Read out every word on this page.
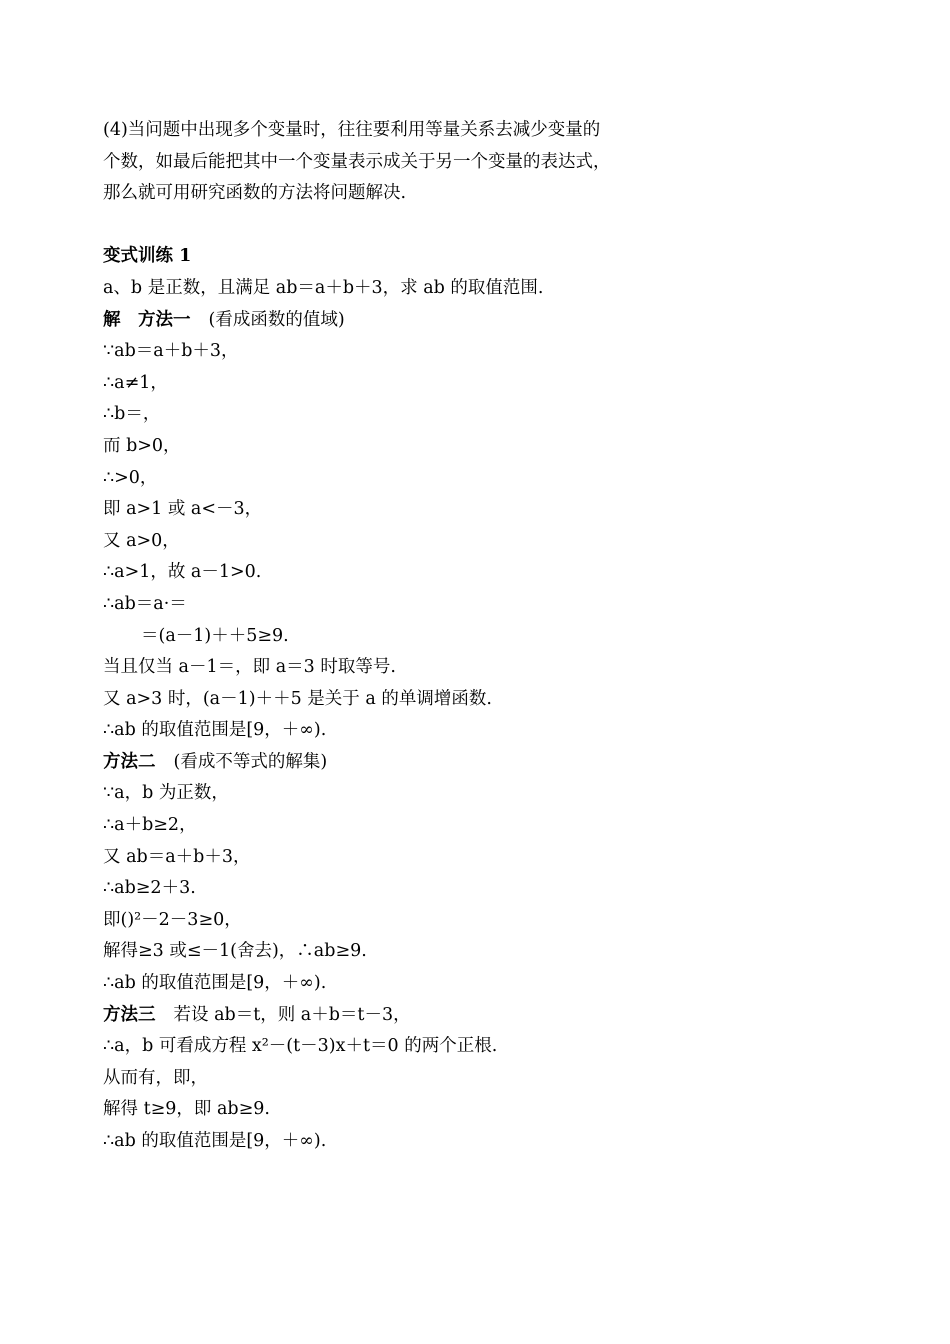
(4)当问题中出现多个变量时，往往要利用等量关系去减少变量的
个数，如最后能把其中一个变量表示成关于另一个变量的表达式，
那么就可用研究函数的方法将问题解决.
变式训练 1
a、b 是正数，且满足 ab＝a＋b＋3，求 ab 的取值范围.
解　方法一 (看成函数的值域)
∵ab＝a＋b＋3，
∴a≠1，
∴b＝，
而 b>0，
∴>0，
即 a>1 或 a<－3，
又 a>0，
∴a>1，故 a－1>0.
∴ab＝a·＝
＝(a－1)＋＋5≥9.
当且仅当 a－1＝，即 a＝3 时取等号.
又 a>3 时，(a－1)＋＋5 是关于 a 的单调增函数.
∴ab 的取值范围是[9，＋∞).
方法二 (看成不等式的解集)
∵a，b 为正数，
∴a＋b≥2，
又 ab＝a＋b＋3，
∴ab≥2＋3.
即()²－2－3≥0，
解得≥3 或≤－1(舍去)，∴ab≥9.
∴ab 的取值范围是[9，＋∞).
方法三 若设 ab＝t，则 a＋b＝t－3，
∴a，b 可看成方程 x²－(t－3)x＋t＝0 的两个正根.
从而有，即，
解得 t≥9，即 ab≥9.
∴ab 的取值范围是[9，＋∞).
